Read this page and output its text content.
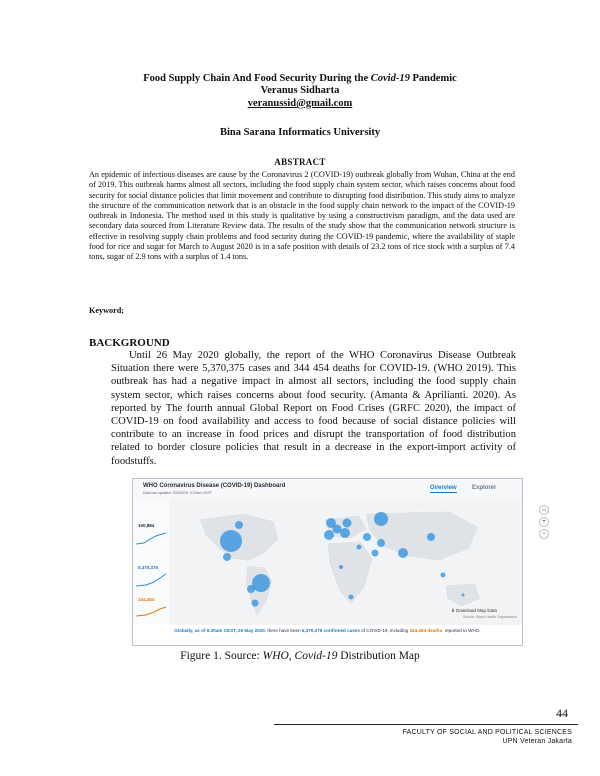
Food Supply Chain And Food Security During the Covid-19 Pandemic
Veranus Sidharta
veranussid@gmail.com
Bina Sarana Informatics University
ABSTRACT
An epidemic of infectious diseases are cause by the Coronavirus 2 (COVID-19) outbreak globally from Wuhan, China at the end of 2019. This outbreak harms almost all sectors, including the food supply chain system sector, which raises concerns about food security for social distance policies that limit movement and contribute to disrupting food distribution. This study aims to analyze the structure of the communication network that is an obstacle in the food supply chain network to the impact of the COVID-19 outbreak in Indonesia. The method used in this study is qualitative by using a constructivism paradigm, and the data used are secondary data sourced from Literature Review data. The results of the study show that the communication network structure is effective in resolving supply chain problems and food security during the COVID-19 pandemic, where the availability of staple food for rice and sugar for March to August 2020 is in a safe position with details of 23.2 tons of rice stock with a surplus of 7.4 tons, sugar of 2.9 tons with a surplus of 1.4 tons.
Keyword;
BACKGROUND
Until 26 May 2020 globally, the report of the WHO Coronavirus Disease Outbreak Situation there were 5,370,375 cases and 344 454 deaths for COVID-19. (WHO 2019). This outbreak has had a negative impact in almost all sectors, including the food supply chain system sector, which raises concerns about food security. (Amanta & Aprilianti. 2020). As reported by The fourth annual Global Report on Food Crises (GRFC 2020), the impact of COVID-19 on food availability and access to food because of social distance policies will contribute to an increase in food prices and disrupt the transportation of food distribution related to border closure policies that result in a decrease in the export-import activity of foodstuffs.
WHO Coronavirus Disease (COVID-19) Dashboard
Data last updated: 2020/5/26, 9:20am CEST
Overview	Explorer
100,884
5,370,375
344,454
⌂
+
−
⬇ Download Map Data
Source: World Health Organization
Globally, as of 9:20am CEST, 26 May 2020, there have been 5,370,375 confirmed cases of COVID-19, including 344,454 deaths, reported to WHO.
Figure 1. Source: WHO, Covid-19 Distribution Map
44
FACULTY OF SOCIAL AND POLITICAL SCIENCES
UPN Veteran Jakarta
